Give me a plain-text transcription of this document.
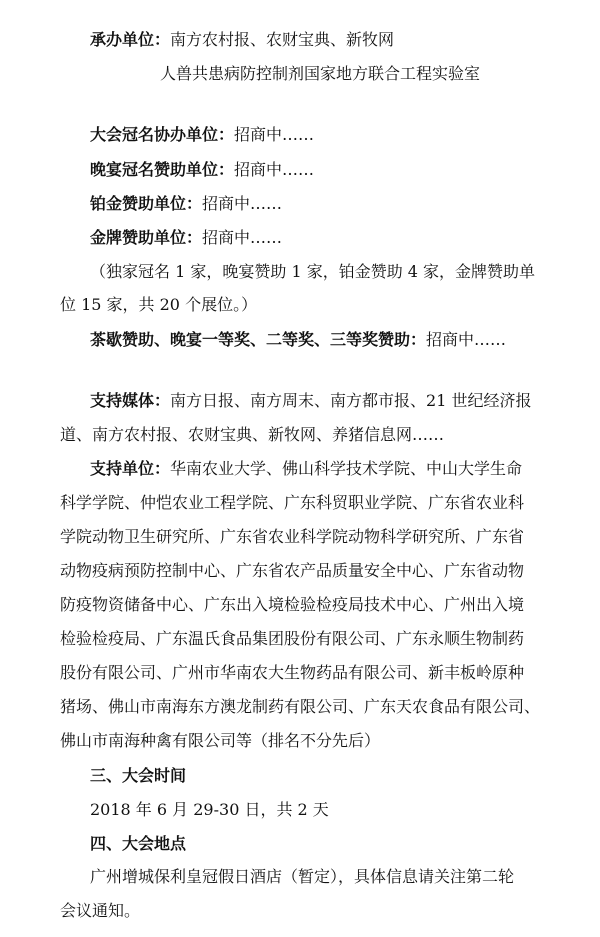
承办单位：南方农村报、农财宝典、新牧网
人兽共患病防控制剂国家地方联合工程实验室
大会冠名协办单位：招商中……
晚宴冠名赞助单位：招商中……
铂金赞助单位：招商中……
金牌赞助单位：招商中……
（独家冠名 1 家，晚宴赞助 1 家，铂金赞助 4 家，金牌赞助单
位 15 家，共 20 个展位。）
茶歇赞助、晚宴一等奖、二等奖、三等奖赞助：招商中……
支持媒体：南方日报、南方周末、南方都市报、21 世纪经济报
道、南方农村报、农财宝典、新牧网、养猪信息网……
支持单位：华南农业大学、佛山科学技术学院、中山大学生命
科学学院、仲恺农业工程学院、广东科贸职业学院、广东省农业科
学院动物卫生研究所、广东省农业科学院动物科学研究所、广东省
动物疫病预防控制中心、广东省农产品质量安全中心、广东省动物
防疫物资储备中心、广东出入境检验检疫局技术中心、广州出入境
检验检疫局、广东温氏食品集团股份有限公司、广东永顺生物制药
股份有限公司、广州市华南农大生物药品有限公司、新丰板岭原种
猪场、佛山市南海东方澳龙制药有限公司、广东天农食品有限公司、
佛山市南海种禽有限公司等（排名不分先后）
三、大会时间
2018 年 6 月 29-30 日，共 2 天
四、大会地点
广州增城保利皇冠假日酒店（暂定），具体信息请关注第二轮
会议通知。
